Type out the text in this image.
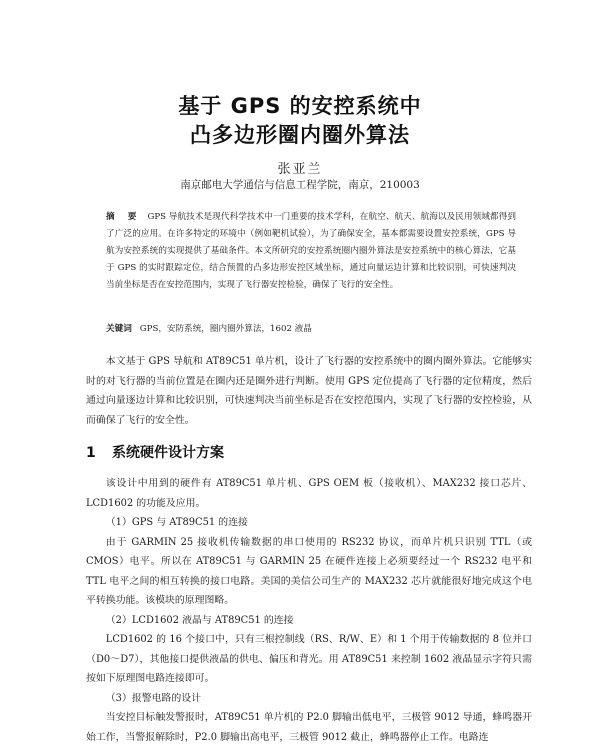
基于 GPS 的安控系统中
凸多边形圈内圈外算法
张亚兰
南京邮电大学通信与信息工程学院，南京，210003
摘 要 GPS 导航技术是现代科学技术中一门重要的技术学科，在航空、航天、航海以及民用领域都得到了广泛的应用。在许多特定的环境中（例如靶机试验），为了确保安全，基本都需要设置安控系统，GPS 导航为安控系统的实现提供了基础条件。本文所研究的安控系统圈内圈外算法是安控系统中的核心算法，它基于 GPS 的实时跟踪定位，结合预置的凸多边形安控区域坐标，通过向量运边计算和比较识别，可快速判决当前坐标是否在安控范围内，实现了飞行器安控检验，确保了飞行的安全性。
关键词 GPS，安防系统，圈内圈外算法，1602 液晶

本文基于 GPS 导航和 AT89C51 单片机，设计了飞行器的安控系统中的圈内圈外算法。它能够实时的对飞行器的当前位置是在圈内还是圈外进行判断。使用 GPS 定位提高了飞行器的定位精度，然后通过向量逐边计算和比较识别，可快速判决当前坐标是否在安控范围内，实现了飞行器的安控检验，从而确保了飞行的安全性。

1 系统硬件设计方案

该设计中用到的硬件有 AT89C51 单片机、GPS OEM 板（接收机）、MAX232 接口芯片、LCD1602 的功能及应用。

（1）GPS 与 AT89C51 的连接

由于 GARMIN 25 接收机传输数据的串口使用的 RS232 协议，而单片机只识别 TTL（或CMOS）电平。所以在 AT89C51 与 GARMIN 25 在硬件连接上必须要经过一个 RS232 电平和TTL 电平之间的相互转换的接口电路。美国的美信公司生产的 MAX232 芯片就能很好地完成这个电平转换功能。该模块的原理图略。

（2）LCD1602 液晶与 AT89C51 的连接

LCD1602 的 16 个接口中，只有三根控制线（RS、R/W、E）和 1 个用于传输数据的 8 位并口（D0～D7），其他接口提供液晶的供电、偏压和背光。用 AT89C51 来控制 1602 液晶显示字符只需按如下原理图电路连接即可。

（3）报警电路的设计

当安控目标触发警报时，AT89C51 单片机的 P2.0 脚输出低电平，三极管 9012 导通，蜂鸣器开始工作，当警报解除时，P2.0 脚输出高电平，三极管 9012 截止，蜂鸣器停止工作。电路连
